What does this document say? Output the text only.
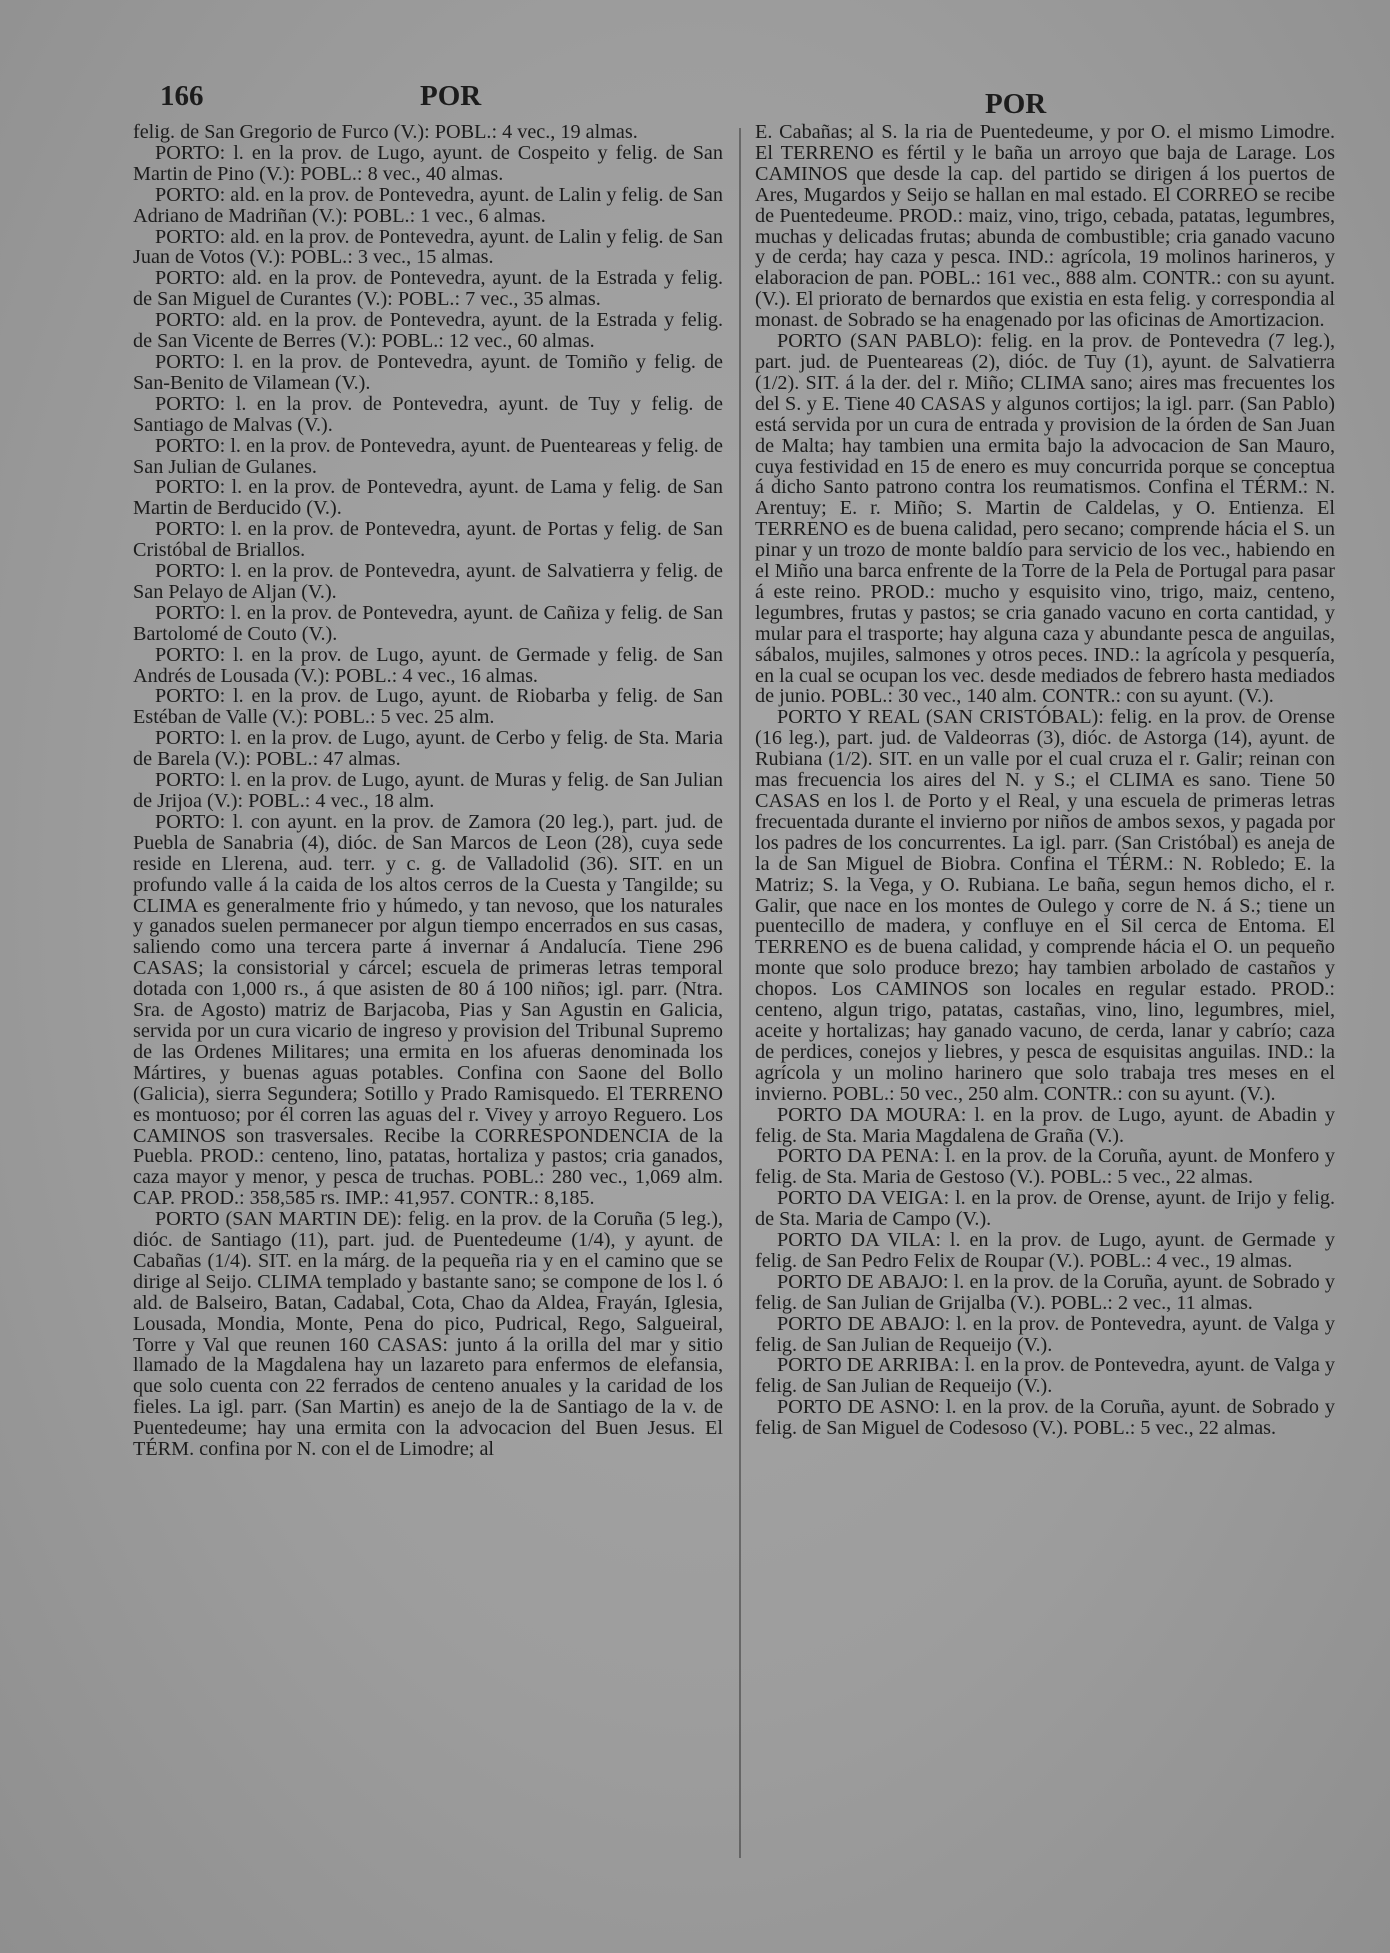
166	POR	POR

felig. de San Gregorio de Furco (V.): POBL.: 4 vec., 19 almas.

PORTO: l. en la prov. de Lugo, ayunt. de Cospeito y felig. de San Martin de Pino (V.): POBL.: 8 vec., 40 almas.

PORTO: ald. en la prov. de Pontevedra, ayunt. de Lalin y felig. de San Adriano de Madriñan (V.): POBL.: 1 vec., 6 almas.

PORTO: ald. en la prov. de Pontevedra, ayunt. de Lalin y felig. de San Juan de Votos (V.): POBL.: 3 vec., 15 almas.

PORTO: ald. en la prov. de Pontevedra, ayunt. de la Estrada y felig. de San Miguel de Curantes (V.): POBL.: 7 vec., 35 almas.

PORTO: ald. en la prov. de Pontevedra, ayunt. de la Estrada y felig. de San Vicente de Berres (V.): POBL.: 12 vec., 60 almas.

PORTO: l. en la prov. de Pontevedra, ayunt. de Tomiño y felig. de San-Benito de Vilamean (V.).

PORTO: l. en la prov. de Pontevedra, ayunt. de Tuy y felig. de Santiago de Malvas (V.).

PORTO: l. en la prov. de Pontevedra, ayunt. de Puenteareas y felig. de San Julian de Gulanes.

PORTO: l. en la prov. de Pontevedra, ayunt. de Lama y felig. de San Martin de Berducido (V.).

PORTO: l. en la prov. de Pontevedra, ayunt. de Portas y felig. de San Cristóbal de Briallos.

PORTO: l. en la prov. de Pontevedra, ayunt. de Salvatierra y felig. de San Pelayo de Aljan (V.).

PORTO: l. en la prov. de Pontevedra, ayunt. de Cañiza y felig. de San Bartolomé de Couto (V.).

PORTO: l. en la prov. de Lugo, ayunt. de Germade y felig. de San Andrés de Lousada (V.): POBL.: 4 vec., 16 almas.

PORTO: l. en la prov. de Lugo, ayunt. de Riobarba y felig. de San Estéban de Valle (V.): POBL.: 5 vec. 25 alm.

PORTO: l. en la prov. de Lugo, ayunt. de Cerbo y felig. de Sta. Maria de Barela (V.): POBL.: 47 almas.

PORTO: l. en la prov. de Lugo, ayunt. de Muras y felig. de San Julian de Jrijoa (V.): POBL.: 4 vec., 18 alm.

PORTO: l. con ayunt. en la prov. de Zamora (20 leg.), part. jud. de Puebla de Sanabria (4), dióc. de San Marcos de Leon (28), cuya sede reside en Llerena, aud. terr. y c. g. de Valladolid (36). SIT. en un profundo valle á la caida de los altos cerros de la Cuesta y Tangilde; su CLIMA es generalmente frio y húmedo, y tan nevoso, que los naturales y ganados suelen permanecer por algun tiempo encerrados en sus casas, saliendo como una tercera parte á invernar á Andalucía. Tiene 296 CASAS; la consistorial y cárcel; escuela de primeras letras temporal dotada con 1,000 rs., á que asisten de 80 á 100 niños; igl. parr. (Ntra. Sra. de Agosto) matriz de Barjacoba, Pias y San Agustin en Galicia, servida por un cura vicario de ingreso y provision del Tribunal Supremo de las Ordenes Militares; una ermita en los afueras denominada los Mártires, y buenas aguas potables. Confina con Saone del Bollo (Galicia), sierra Segundera; Sotillo y Prado Ramisquedo. El TERRENO es montuoso; por él corren las aguas del r. Vivey y arroyo Reguero. Los CAMINOS son trasversales. Recibe la CORRESPONDENCIA de la Puebla. PROD.: centeno, lino, patatas, hortaliza y pastos; cria ganados, caza mayor y menor, y pesca de truchas. POBL.: 280 vec., 1,069 alm. CAP. PROD.: 358,585 rs. IMP.: 41,957. CONTR.: 8,185.

PORTO (SAN MARTIN DE): felig. en la prov. de la Coruña (5 leg.), dióc. de Santiago (11), part. jud. de Puentedeume (1/4), y ayunt. de Cabañas (1/4). SIT. en la márg. de la pequeña ria y en el camino que se dirige al Seijo. CLIMA templado y bastante sano; se compone de los l. ó ald. de Balseiro, Batan, Cadabal, Cota, Chao da Aldea, Frayán, Iglesia, Lousada, Mondia, Monte, Pena do pico, Pudrical, Rego, Salgueiral, Torre y Val que reunen 160 CASAS: junto á la orilla del mar y sitio llamado de la Magdalena hay un lazareto para enfermos de elefansia, que solo cuenta con 22 ferrados de centeno anuales y la caridad de los fieles. La igl. parr. (San Martin) es anejo de la de Santiago de la v. de Puentedeume; hay una ermita con la advocacion del Buen Jesus. El TÉRM. confina por N. con el de Limodre; al

E. Cabañas; al S. la ria de Puentedeume, y por O. el mismo Limodre. El TERRENO es fértil y le baña un arroyo que baja de Larage. Los CAMINOS que desde la cap. del partido se dirigen á los puertos de Ares, Mugardos y Seijo se hallan en mal estado. El CORREO se recibe de Puentedeume. PROD.: maiz, vino, trigo, cebada, patatas, legumbres, muchas y delicadas frutas; abunda de combustible; cria ganado vacuno y de cerda; hay caza y pesca. IND.: agrícola, 19 molinos harineros, y elaboracion de pan. POBL.: 161 vec., 888 alm. CONTR.: con su ayunt. (V.). El priorato de bernardos que existia en esta felig. y correspondia al monast. de Sobrado se ha enagenado por las oficinas de Amortizacion.

PORTO (SAN PABLO): felig. en la prov. de Pontevedra (7 leg.), part. jud. de Puenteareas (2), dióc. de Tuy (1), ayunt. de Salvatierra (1/2). SIT. á la der. del r. Miño; CLIMA sano; aires mas frecuentes los del S. y E. Tiene 40 CASAS y algunos cortijos; la igl. parr. (San Pablo) está servida por un cura de entrada y provision de la órden de San Juan de Malta; hay tambien una ermita bajo la advocacion de San Mauro, cuya festividad en 15 de enero es muy concurrida porque se conceptua á dicho Santo patrono contra los reumatismos. Confina el TÉRM.: N. Arentuy; E. r. Miño; S. Martin de Caldelas, y O. Entienza. El TERRENO es de buena calidad, pero secano; comprende hácia el S. un pinar y un trozo de monte baldío para servicio de los vec., habiendo en el Miño una barca enfrente de la Torre de la Pela de Portugal para pasar á este reino. PROD.: mucho y esquisito vino, trigo, maiz, centeno, legumbres, frutas y pastos; se cria ganado vacuno en corta cantidad, y mular para el trasporte; hay alguna caza y abundante pesca de anguilas, sábalos, mujiles, salmones y otros peces. IND.: la agrícola y pesquería, en la cual se ocupan los vec. desde mediados de febrero hasta mediados de junio. POBL.: 30 vec., 140 alm. CONTR.: con su ayunt. (V.).

PORTO Y REAL (SAN CRISTÓBAL): felig. en la prov. de Orense (16 leg.), part. jud. de Valdeorras (3), dióc. de Astorga (14), ayunt. de Rubiana (1/2). SIT. en un valle por el cual cruza el r. Galir; reinan con mas frecuencia los aires del N. y S.; el CLIMA es sano. Tiene 50 CASAS en los l. de Porto y el Real, y una escuela de primeras letras frecuentada durante el invierno por niños de ambos sexos, y pagada por los padres de los concurrentes. La igl. parr. (San Cristóbal) es aneja de la de San Miguel de Biobra. Confina el TÉRM.: N. Robledo; E. la Matriz; S. la Vega, y O. Rubiana. Le baña, segun hemos dicho, el r. Galir, que nace en los montes de Oulego y corre de N. á S.; tiene un puentecillo de madera, y confluye en el Sil cerca de Entoma. El TERRENO es de buena calidad, y comprende hácia el O. un pequeño monte que solo produce brezo; hay tambien arbolado de castaños y chopos. Los CAMINOS son locales en regular estado. PROD.: centeno, algun trigo, patatas, castañas, vino, lino, legumbres, miel, aceite y hortalizas; hay ganado vacuno, de cerda, lanar y cabrío; caza de perdices, conejos y liebres, y pesca de esquisitas anguilas. IND.: la agrícola y un molino harinero que solo trabaja tres meses en el invierno. POBL.: 50 vec., 250 alm. CONTR.: con su ayunt. (V.).

PORTO DA MOURA: l. en la prov. de Lugo, ayunt. de Abadin y felig. de Sta. Maria Magdalena de Graña (V.).

PORTO DA PENA: l. en la prov. de la Coruña, ayunt. de Monfero y felig. de Sta. Maria de Gestoso (V.). POBL.: 5 vec., 22 almas.

PORTO DA VEIGA: l. en la prov. de Orense, ayunt. de Irijo y felig. de Sta. Maria de Campo (V.).

PORTO DA VILA: l. en la prov. de Lugo, ayunt. de Germade y felig. de San Pedro Felix de Roupar (V.). POBL.: 4 vec., 19 almas.

PORTO DE ABAJO: l. en la prov. de la Coruña, ayunt. de Sobrado y felig. de San Julian de Grijalba (V.). POBL.: 2 vec., 11 almas.

PORTO DE ABAJO: l. en la prov. de Pontevedra, ayunt. de Valga y felig. de San Julian de Requeijo (V.).

PORTO DE ARRIBA: l. en la prov. de Pontevedra, ayunt. de Valga y felig. de San Julian de Requeijo (V.).

PORTO DE ASNO: l. en la prov. de la Coruña, ayunt. de Sobrado y felig. de San Miguel de Codesoso (V.). POBL.: 5 vec., 22 almas.
